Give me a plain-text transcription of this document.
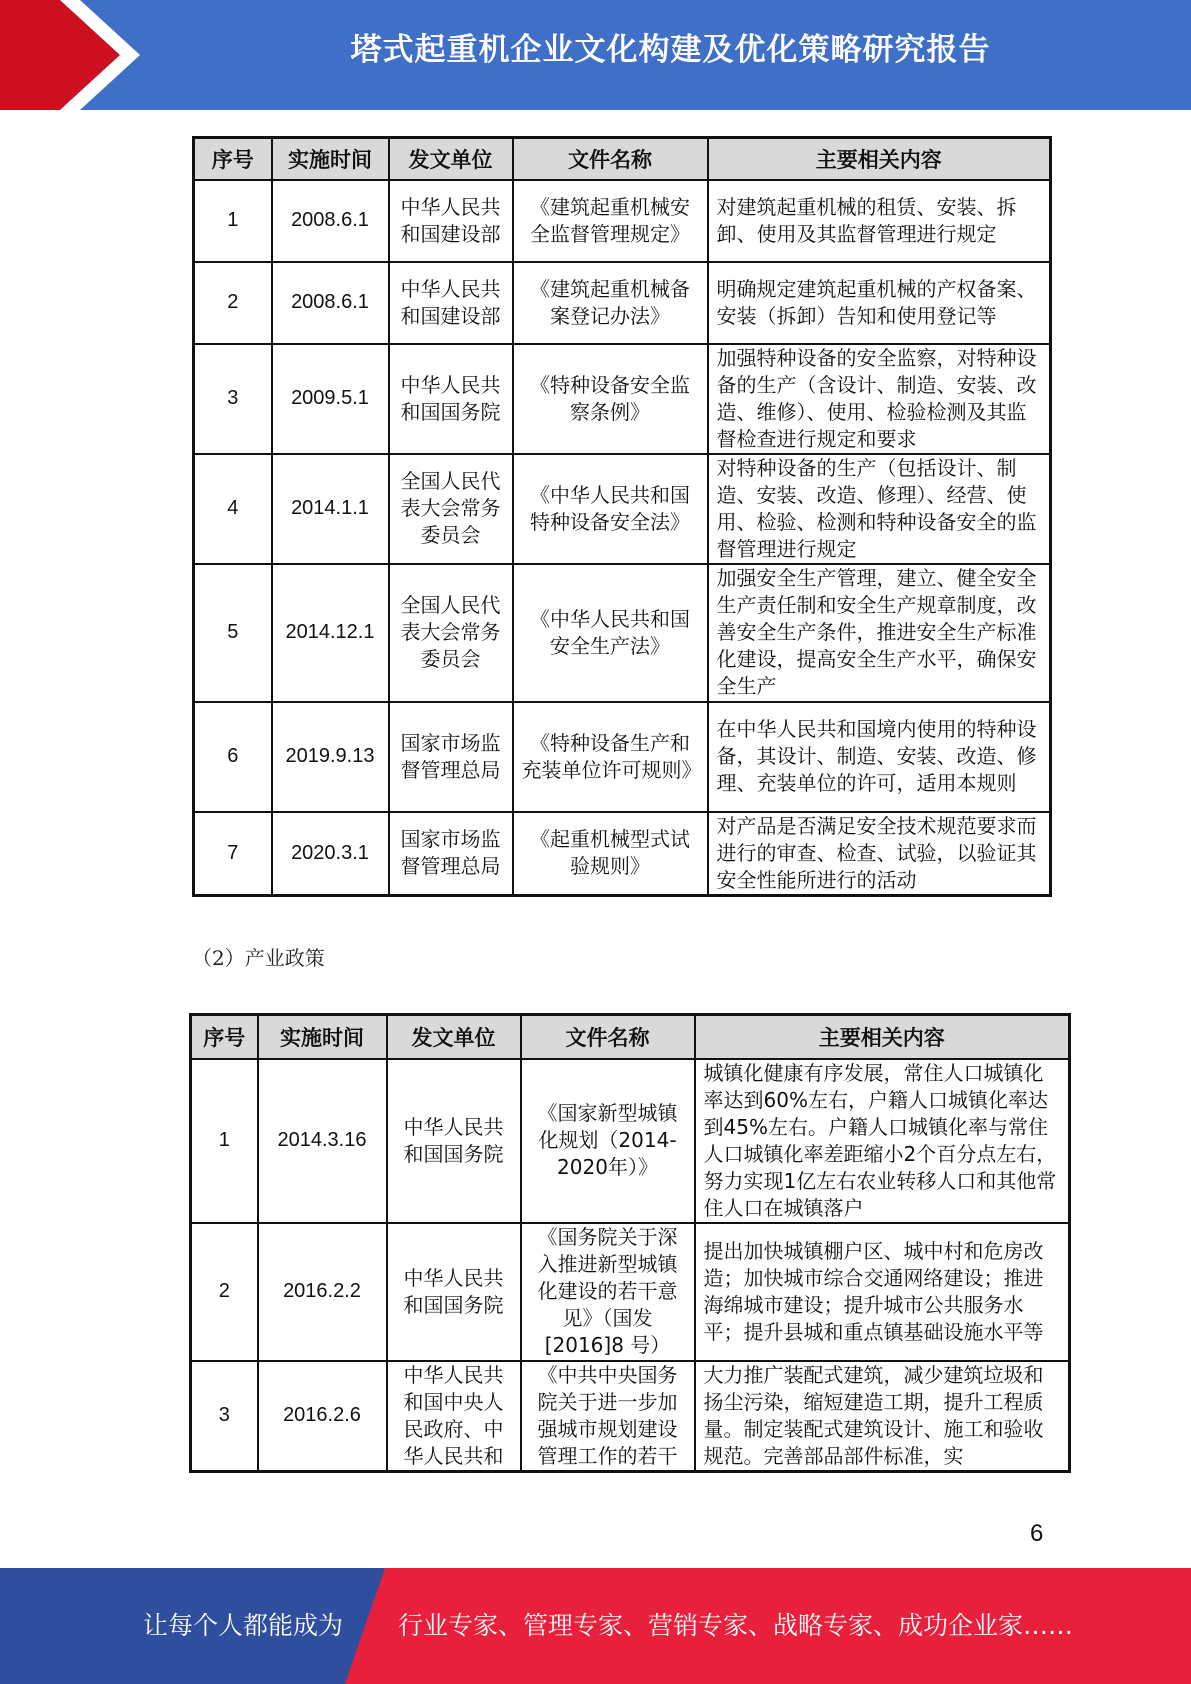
塔式起重机企业文化构建及优化策略研究报告
序号	实施时间	发文单位	文件名称	主要相关内容
1	2008.6.1	中华人民共和国建设部	《建筑起重机械安全监督管理规定》	对建筑起重机械的租赁、安装、拆卸、使用及其监督管理进行规定
2	2008.6.1	中华人民共和国建设部	《建筑起重机械备案登记办法》	明确规定建筑起重机械的产权备案、安装（拆卸）告知和使用登记等
3	2009.5.1	中华人民共和国国务院	《特种设备安全监察条例》	加强特种设备的安全监察，对特种设备的生产（含设计、制造、安装、改造、维修）、使用、检验检测及其监督检查进行规定和要求
4	2014.1.1	全国人民代表大会常务委员会	《中华人民共和国特种设备安全法》	对特种设备的生产（包括设计、制造、安装、改造、修理）、经营、使用、检验、检测和特种设备安全的监督管理进行规定
5	2014.12.1	全国人民代表大会常务委员会	《中华人民共和国安全生产法》	加强安全生产管理，建立、健全安全生产责任制和安全生产规章制度，改善安全生产条件，推进安全生产标准化建设，提高安全生产水平，确保安全生产
6	2019.9.13	国家市场监督管理总局	《特种设备生产和充装单位许可规则》	在中华人民共和国境内使用的特种设备，其设计、制造、安装、改造、修理、充装单位的许可，适用本规则
7	2020.3.1	国家市场监督管理总局	《起重机械型式试验规则》	对产品是否满足安全技术规范要求而进行的审查、检查、试验，以验证其安全性能所进行的活动
（2）产业政策
序号	实施时间	发文单位	文件名称	主要相关内容
1	2014.3.16	中华人民共和国国务院	《国家新型城镇化规划（2014-2020年）》	城镇化健康有序发展，常住人口城镇化率达到60%左右，户籍人口城镇化率达到45%左右。户籍人口城镇化率与常住人口城镇化率差距缩小2个百分点左右，努力实现1亿左右农业转移人口和其他常住人口在城镇落户
2	2016.2.2	中华人民共和国国务院	《国务院关于深入推进新型城镇化建设的若干意见》（国发[2016]8 号）	提出加快城镇棚户区、城中村和危房改造；加快城市综合交通网络建设；推进海绵城市建设；提升城市公共服务水平；提升县城和重点镇基础设施水平等
3	2016.2.6	中华人民共和国中央人民政府、中华人民共和	《中共中央国务院关于进一步加强城市规划建设管理工作的若干	大力推广装配式建筑，减少建筑垃圾和扬尘污染，缩短建造工期，提升工程质量。制定装配式建筑设计、施工和验收规范。完善部品部件标准，实
6
让每个人都能成为 行业专家、管理专家、营销专家、战略专家、成功企业家……
